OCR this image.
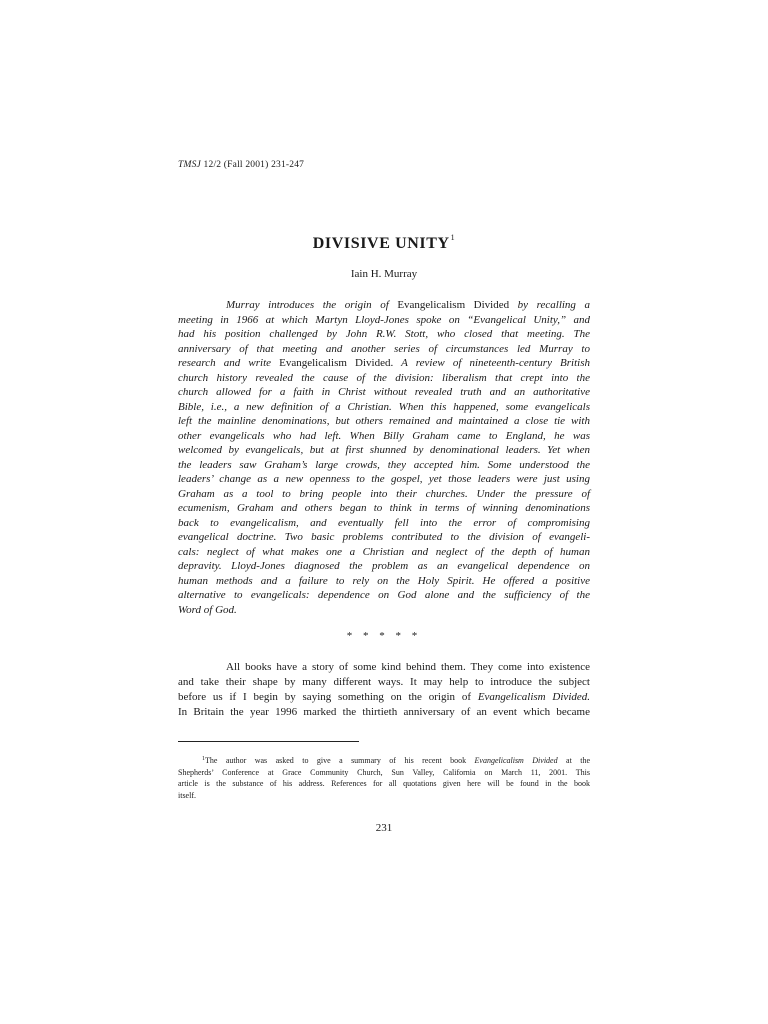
TMSJ 12/2 (Fall 2001) 231-247
DIVISIVE UNITY$^1$
Iain H. Murray
Murray introduces the origin of Evangelicalism Divided by recalling a
meeting in 1966 at which Martyn Lloyd-Jones spoke on “Evangelical Unity,” and
had his position challenged by John R.W. Stott, who closed that meeting. The
anniversary of that meeting and another series of circumstances led Murray to
research and write Evangelicalism Divided. A review of nineteenth-century British
church history revealed the cause of the division: liberalism that crept into the
church allowed for a faith in Christ without revealed truth and an authoritative
Bible, i.e., a new definition of a Christian. When this happened, some evangelicals
left the mainline denominations, but others remained and maintained a close tie with
other evangelicals who had left. When Billy Graham came to England, he was
welcomed by evangelicals, but at first shunned by denominational leaders. Yet when
the leaders saw Graham’s large crowds, they accepted him. Some understood the
leaders’ change as a new openness to the gospel, yet those leaders were just using
Graham as a tool to bring people into their churches. Under the pressure of
ecumenism, Graham and others began to think in terms of winning denominations
back to evangelicalism, and eventually fell into the error of compromising
evangelical doctrine. Two basic problems contributed to the division of evangeli-
cals: neglect of what makes one a Christian and neglect of the depth of human
depravity. Lloyd-Jones diagnosed the problem as an evangelical dependence on
human methods and a failure to rely on the Holy Spirit. He offered a positive
alternative to evangelicals: dependence on God alone and the sufficiency of the
Word of God.
* * * * *
All books have a story of some kind behind them. They come into existence
and take their shape by many different ways. It may help to introduce the subject
before us if I begin by saying something on the origin of Evangelicalism Divided.
In Britain the year 1996 marked the thirtieth anniversary of an event which became
$^1$The author was asked to give a summary of his recent book Evangelicalism Divided at the
Shepherds’ Conference at Grace Community Church, Sun Valley, California on March 11, 2001. This
article is the substance of his address. References for all quotations given here will be found in the book
itself.
231
